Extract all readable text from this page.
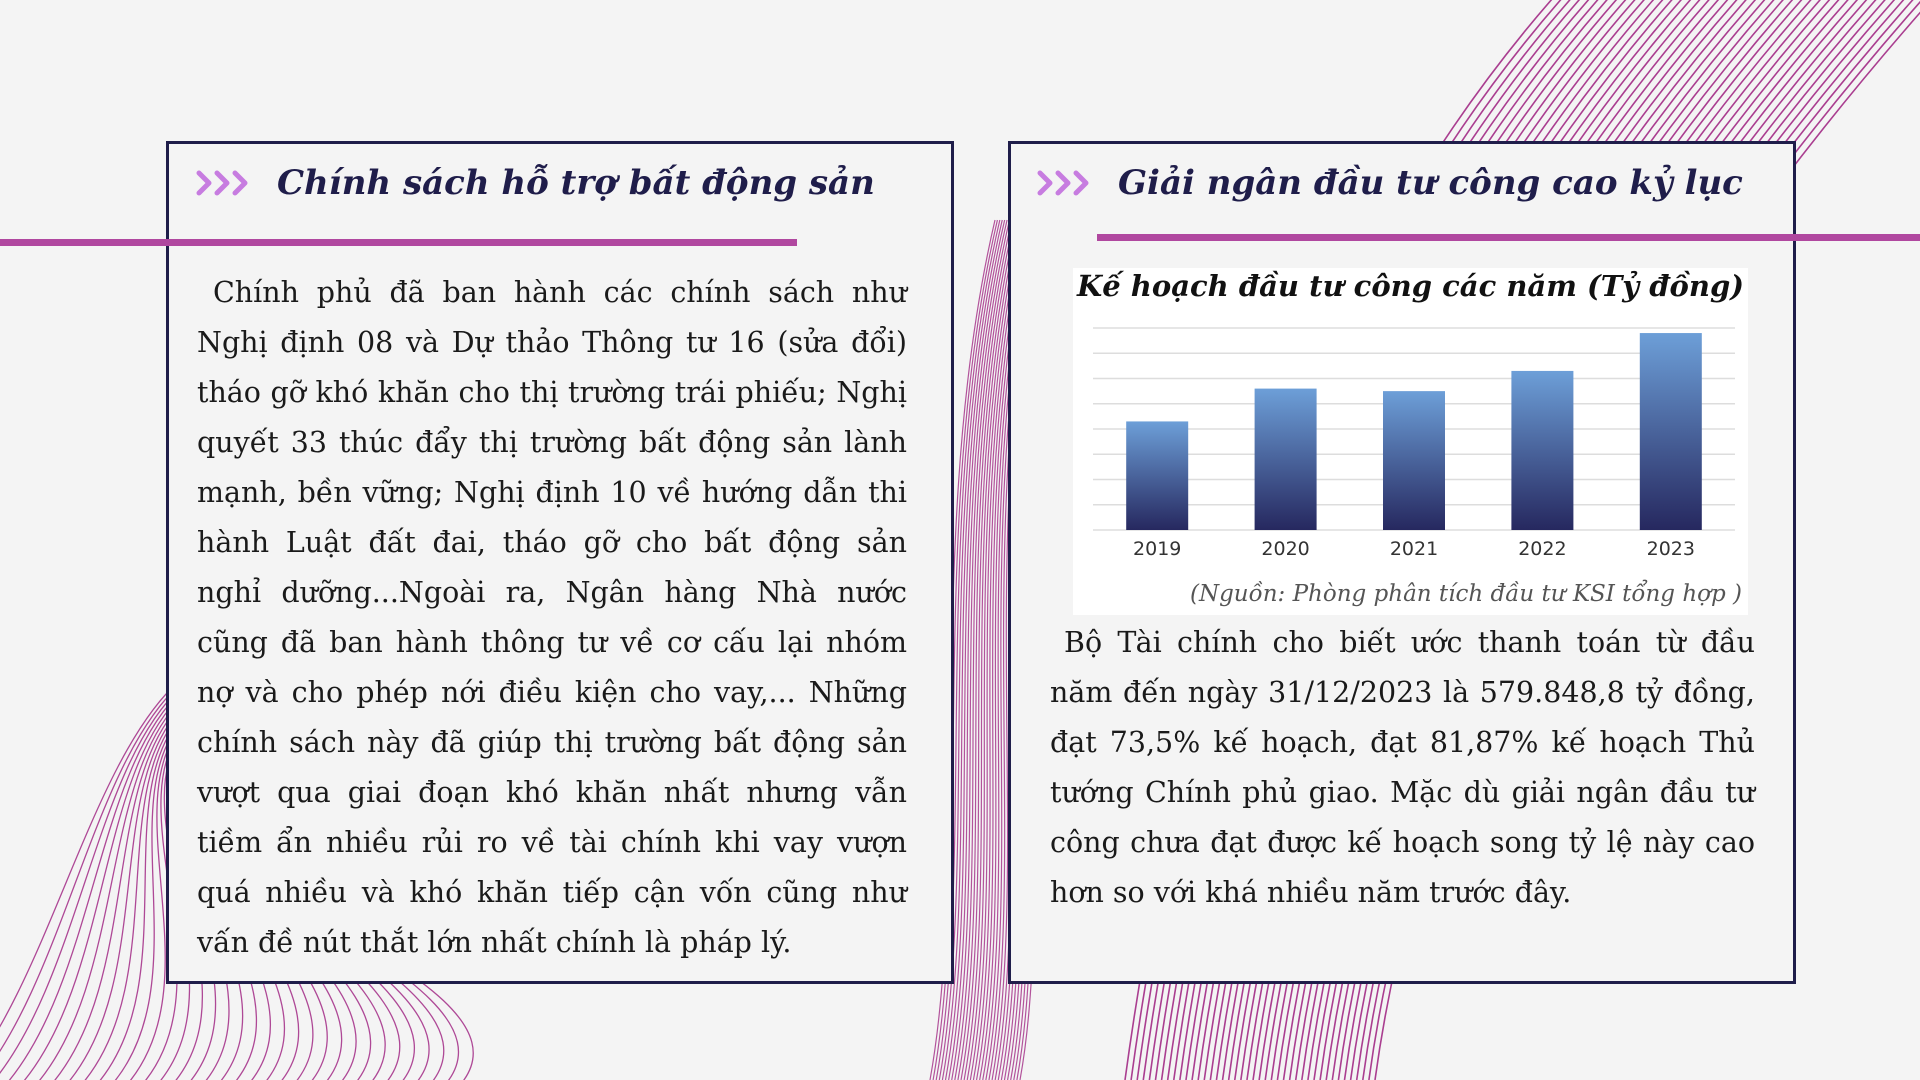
Chính sách hỗ trợ bất động sản	Giải ngân đầu tư công cao kỷ lục

Chính phủ đã ban hành các chính sách như Nghị định 08 và Dự thảo Thông tư 16 (sửa đổi) tháo gỡ khó khăn cho thị trường trái phiếu; Nghị quyết 33 thúc đẩy thị trường bất động sản lành mạnh, bền vững; Nghị định 10 về hướng dẫn thi hành Luật đất đai, tháo gỡ cho bất động sản nghỉ dưỡng...Ngoài ra, Ngân hàng Nhà nước cũng đã ban hành thông tư về cơ cấu lại nhóm nợ và cho phép nới điều kiện cho vay,... Những chính sách này đã giúp thị trường bất động sản vượt qua giai đoạn khó khăn nhất nhưng vẫn tiềm ẩn nhiều rủi ro về tài chính khi vay vượn quá nhiều và khó khăn tiếp cận vốn cũng như vấn đề nút thắt lớn nhất chính là pháp lý.

Kế hoạch đầu tư công các năm (Tỷ đồng)
2019	2020	2021	2022	2023
(Nguồn: Phòng phân tích đầu tư KSI tổng hợp )

Bộ Tài chính cho biết ước thanh toán từ đầu năm đến ngày 31/12/2023 là 579.848,8 tỷ đồng, đạt 73,5% kế hoạch, đạt 81,87% kế hoạch Thủ tướng Chính phủ giao. Mặc dù giải ngân đầu tư công chưa đạt được kế hoạch song tỷ lệ này cao hơn so với khá nhiều năm trước đây.
